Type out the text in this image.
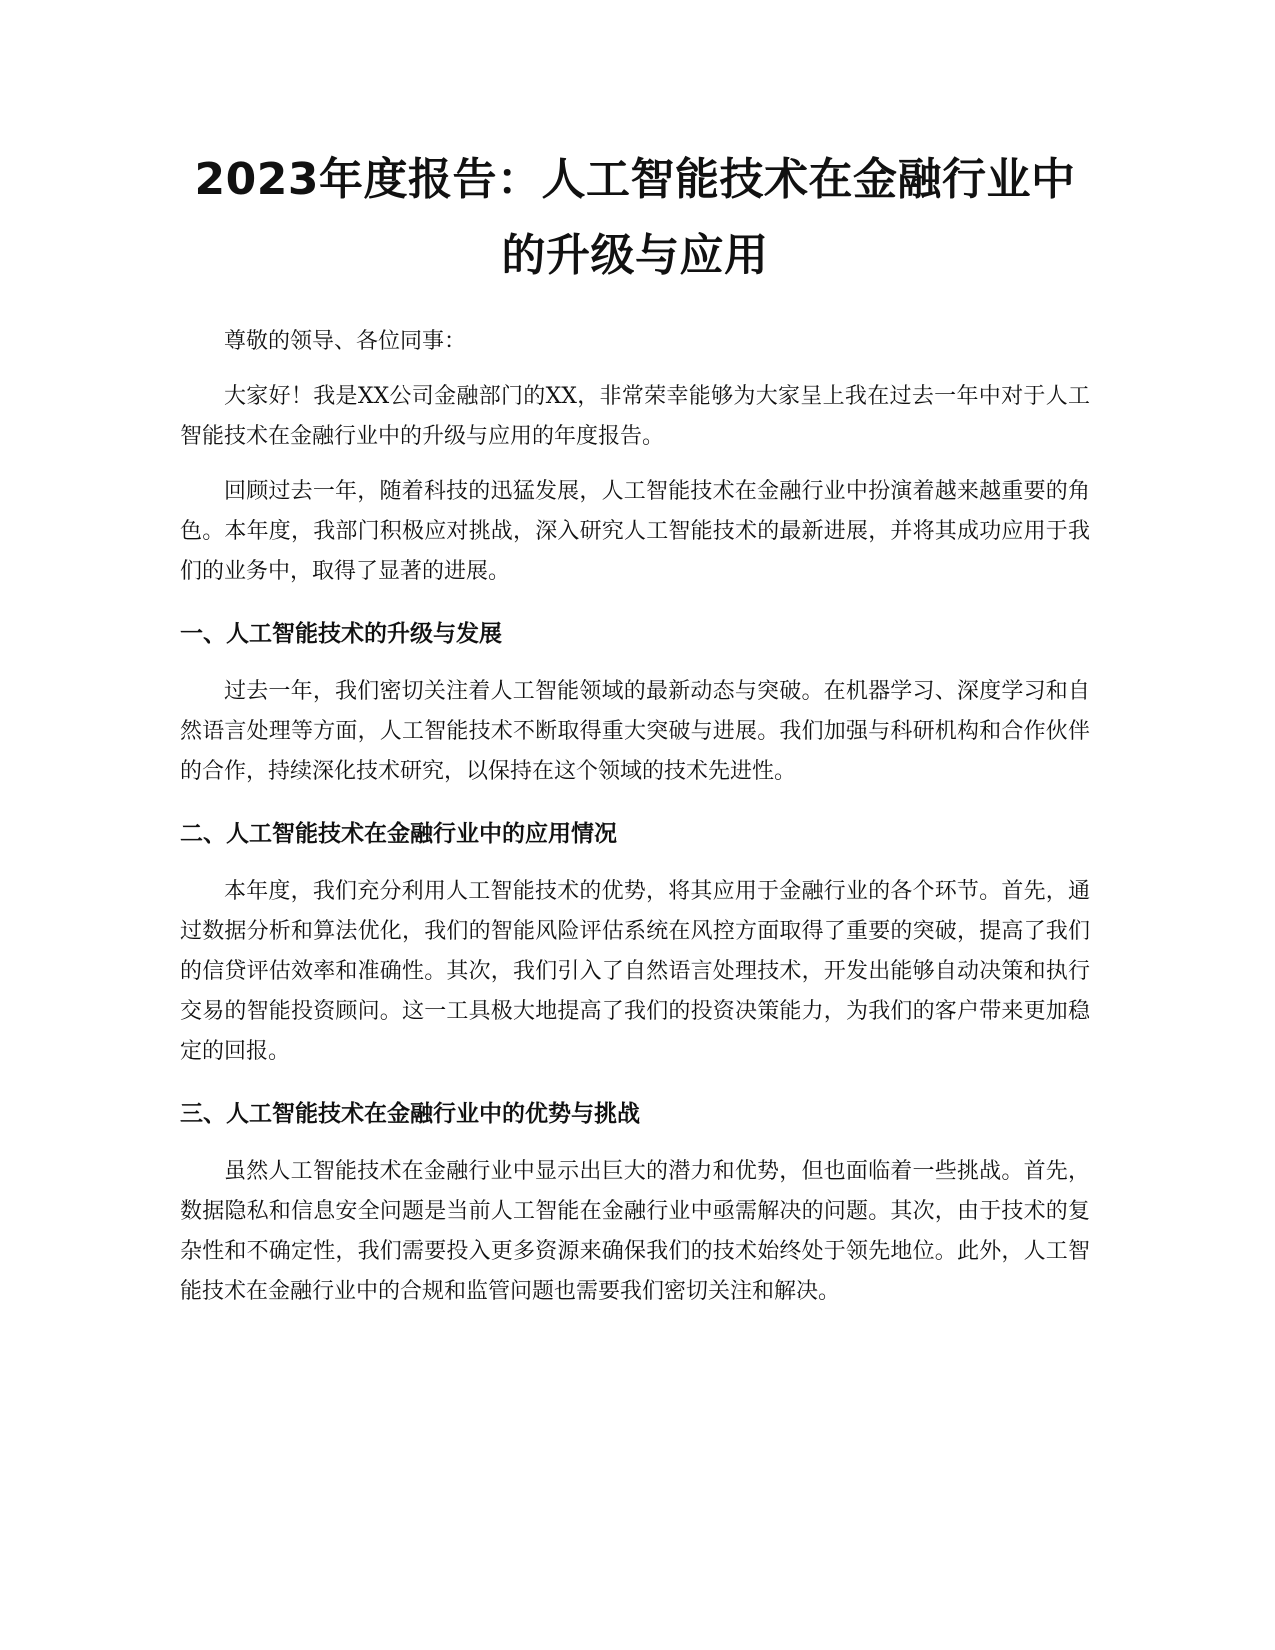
2023年度报告：人工智能技术在金融行业中
的升级与应用

尊敬的领导、各位同事：

大家好！我是XX公司金融部门的XX，非常荣幸能够为大家呈上我在过去一年中对于人工智能技术在金融行业中的升级与应用的年度报告。

回顾过去一年，随着科技的迅猛发展，人工智能技术在金融行业中扮演着越来越重要的角色。本年度，我部门积极应对挑战，深入研究人工智能技术的最新进展，并将其成功应用于我们的业务中，取得了显著的进展。

一、人工智能技术的升级与发展

过去一年，我们密切关注着人工智能领域的最新动态与突破。在机器学习、深度学习和自然语言处理等方面，人工智能技术不断取得重大突破与进展。我们加强与科研机构和合作伙伴的合作，持续深化技术研究，以保持在这个领域的技术先进性。

二、人工智能技术在金融行业中的应用情况

本年度，我们充分利用人工智能技术的优势，将其应用于金融行业的各个环节。首先，通过数据分析和算法优化，我们的智能风险评估系统在风控方面取得了重要的突破，提高了我们的信贷评估效率和准确性。其次，我们引入了自然语言处理技术，开发出能够自动决策和执行交易的智能投资顾问。这一工具极大地提高了我们的投资决策能力，为我们的客户带来更加稳定的回报。

三、人工智能技术在金融行业中的优势与挑战

虽然人工智能技术在金融行业中显示出巨大的潜力和优势，但也面临着一些挑战。首先，数据隐私和信息安全问题是当前人工智能在金融行业中亟需解决的问题。其次，由于技术的复杂性和不确定性，我们需要投入更多资源来确保我们的技术始终处于领先地位。此外，人工智能技术在金融行业中的合规和监管问题也需要我们密切关注和解决。
